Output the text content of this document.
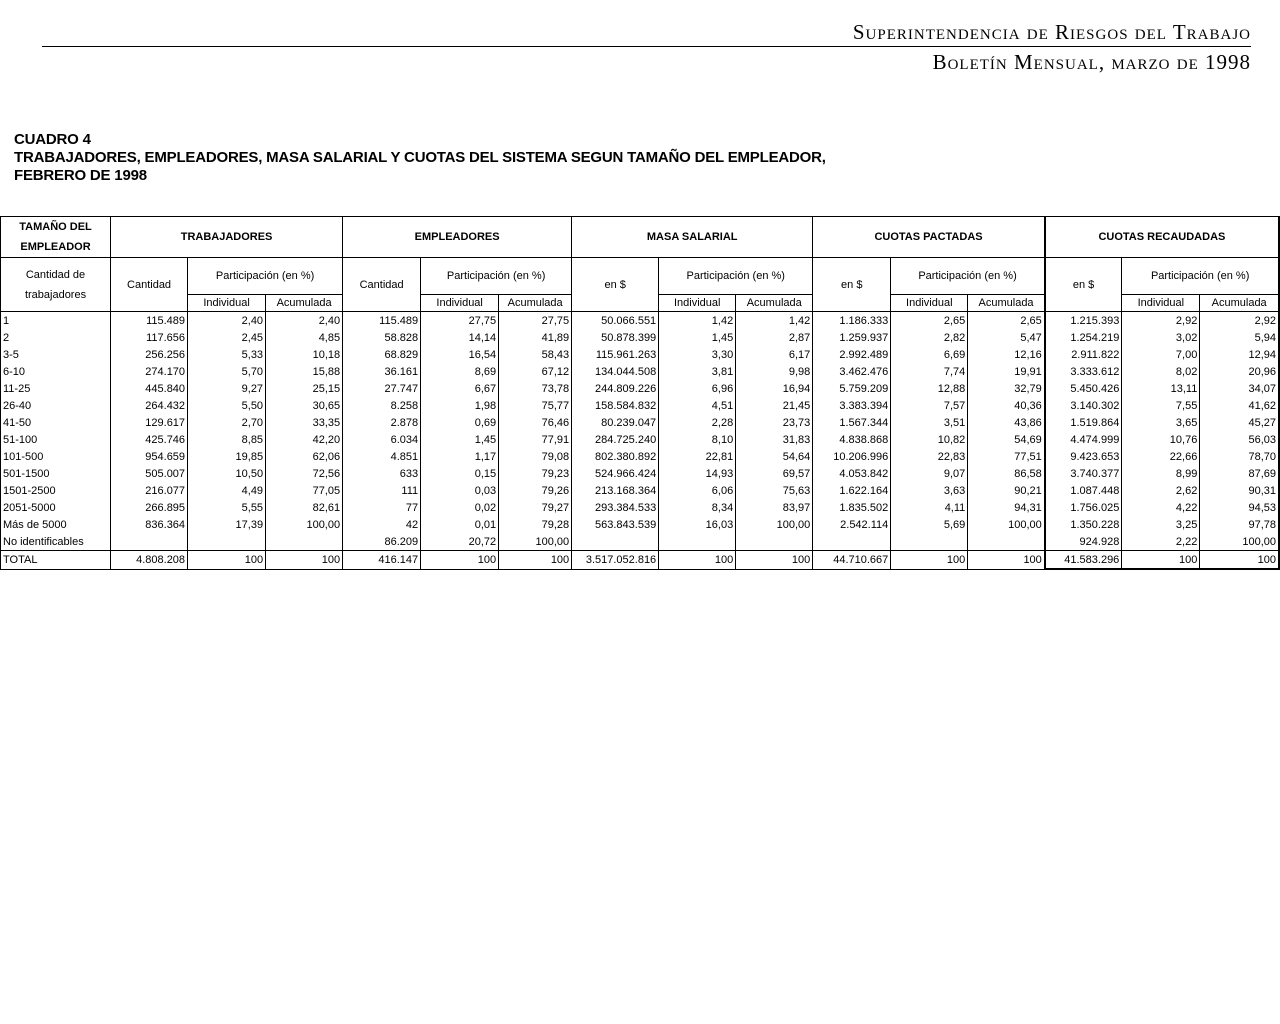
Superintendencia de Riesgos del Trabajo
Boletín Mensual, marzo de 1998
CUADRO 4
TRABAJADORES, EMPLEADORES, MASA SALARIAL Y CUOTAS DEL SISTEMA SEGUN TAMAÑO DEL EMPLEADOR,
FEBRERO DE 1998
TAMAÑO DEL
EMPLEADOR	TRABAJADORES			EMPLEADORES			MASA SALARIAL			CUOTAS PACTADAS			CUOTAS RECAUDADAS		

Cantidad de
trabajadores	Cantidad	Participación (en %)		Cantidad	Participación (en %)		en $	Participación (en %)		en $	Participación (en %)		en $	Participación (en %)	
		Individual	Acumulada		Individual	Acumulada		Individual	Acumulada		Individual	Acumulada		Individual	Acumulada
1	115.489	2,40	2,40	115.489	27,75	27,75	50.066.551	1,42	1,42	1.186.333	2,65	2,65	1.215.393	2,92	2,92
2	117.656	2,45	4,85	58.828	14,14	41,89	50.878.399	1,45	2,87	1.259.937	2,82	5,47	1.254.219	3,02	5,94
3-5	256.256	5,33	10,18	68.829	16,54	58,43	115.961.263	3,30	6,17	2.992.489	6,69	12,16	2.911.822	7,00	12,94
6-10	274.170	5,70	15,88	36.161	8,69	67,12	134.044.508	3,81	9,98	3.462.476	7,74	19,91	3.333.612	8,02	20,96
11-25	445.840	9,27	25,15	27.747	6,67	73,78	244.809.226	6,96	16,94	5.759.209	12,88	32,79	5.450.426	13,11	34,07
26-40	264.432	5,50	30,65	8.258	1,98	75,77	158.584.832	4,51	21,45	3.383.394	7,57	40,36	3.140.302	7,55	41,62
41-50	129.617	2,70	33,35	2.878	0,69	76,46	80.239.047	2,28	23,73	1.567.344	3,51	43,86	1.519.864	3,65	45,27
51-100	425.746	8,85	42,20	6.034	1,45	77,91	284.725.240	8,10	31,83	4.838.868	10,82	54,69	4.474.999	10,76	56,03
101-500	954.659	19,85	62,06	4.851	1,17	79,08	802.380.892	22,81	54,64	10.206.996	22,83	77,51	9.423.653	22,66	78,70
501-1500	505.007	10,50	72,56	633	0,15	79,23	524.966.424	14,93	69,57	4.053.842	9,07	86,58	3.740.377	8,99	87,69
1501-2500	216.077	4,49	77,05	111	0,03	79,26	213.168.364	6,06	75,63	1.622.164	3,63	90,21	1.087.448	2,62	90,31
2051-5000	266.895	5,55	82,61	77	0,02	79,27	293.384.533	8,34	83,97	1.835.502	4,11	94,31	1.756.025	4,22	94,53
Más de 5000	836.364	17,39	100,00	42	0,01	79,28	563.843.539	16,03	100,00	2.542.114	5,69	100,00	1.350.228	3,25	97,78
No identificables				86.209	20,72	100,00							924.928	2,22	100,00
TOTAL	4.808.208	100	100	416.147	100	100	3.517.052.816	100	100	44.710.667	100	100	41.583.296	100	100
